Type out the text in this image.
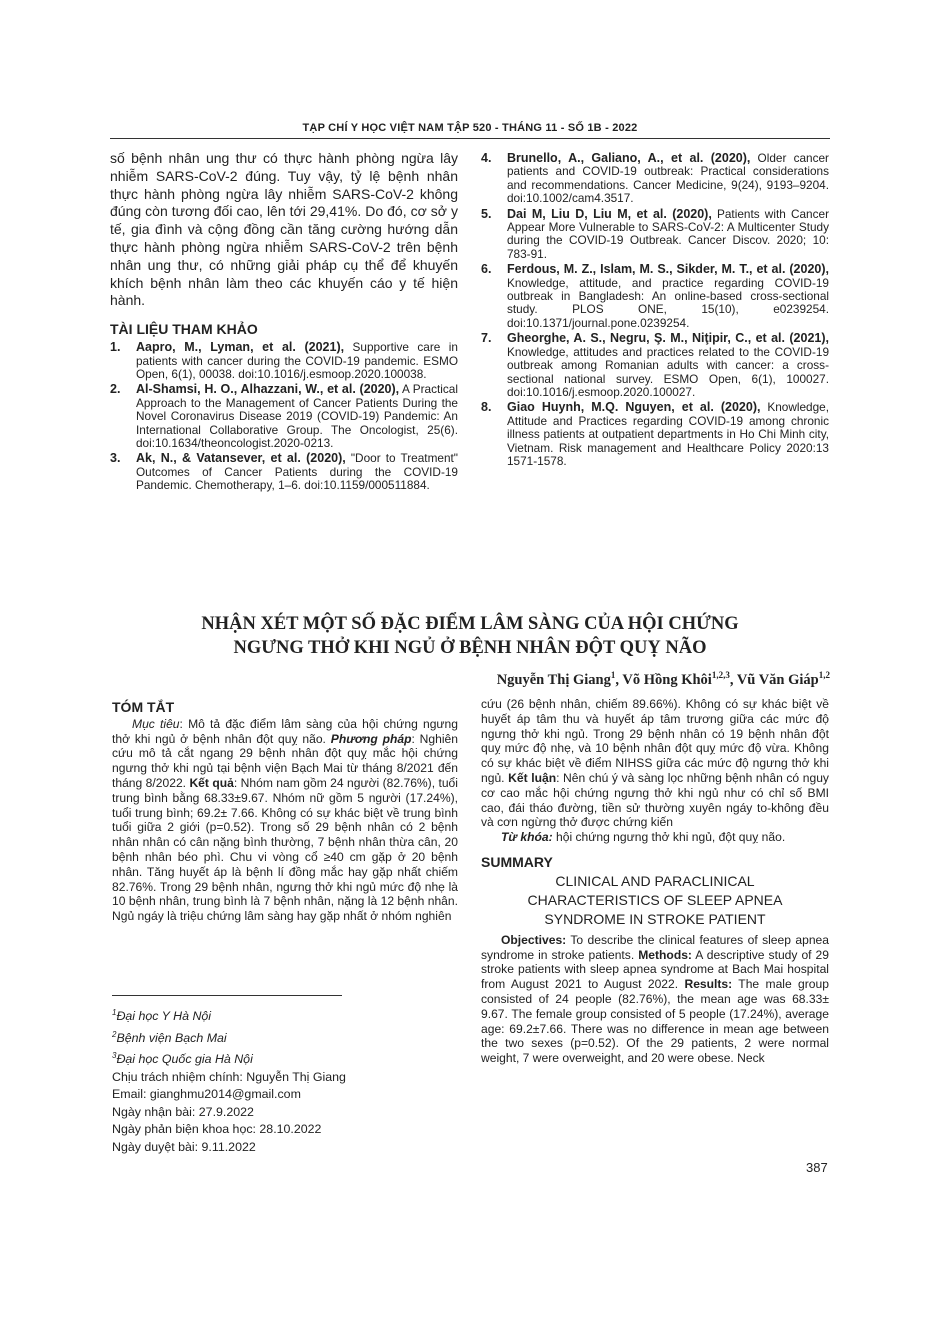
TẠP CHÍ Y HỌC VIỆT NAM TẬP 520 - THÁNG 11 - SỐ 1B - 2022

số bệnh nhân ung thư có thực hành phòng ngừa lây nhiễm SARS-CoV-2 đúng. Tuy vậy, tỷ lệ bệnh nhân thực hành phòng ngừa lây nhiễm SARS-CoV-2 không đúng còn tương đối cao, lên tới 29,41%. Do đó, cơ sở y tế, gia đình và cộng đồng cần tăng cường hướng dẫn thực hành phòng ngừa nhiễm SARS-CoV-2 trên bệnh nhân ung thư, có những giải pháp cụ thể để khuyến khích bệnh nhân làm theo các khuyến cáo y tế hiện hành.

TÀI LIỆU THAM KHẢO
1.	Aapro, M., Lyman, et al. (2021), Supportive care in patients with cancer during the COVID-19 pandemic. ESMO Open, 6(1), 00038. doi:10.1016/j.esmoop.2020.100038.
2.	Al-Shamsi, H. O., Alhazzani, W., et al. (2020), A Practical Approach to the Management of Cancer Patients During the Novel Coronavirus Disease 2019 (COVID-19) Pandemic: An International Collaborative Group. The Oncologist, 25(6). doi:10.1634/theoncologist.2020-0213.
3.	Ak, N., & Vatansever, et al. (2020), "Door to Treatment" Outcomes of Cancer Patients during the COVID-19 Pandemic. Chemotherapy, 1–6. doi:10.1159/000511884.
4.	Brunello, A., Galiano, A., et al. (2020), Older cancer patients and COVID-19 outbreak: Practical considerations and recommendations. Cancer Medicine, 9(24), 9193–9204. doi:10.1002/cam4.3517.
5.	Dai M, Liu D, Liu M, et al. (2020), Patients with Cancer Appear More Vulnerable to SARS-CoV-2: A Multicenter Study during the COVID-19 Outbreak. Cancer Discov. 2020; 10: 783-91.
6.	Ferdous, M. Z., Islam, M. S., Sikder, M. T., et al. (2020), Knowledge, attitude, and practice regarding COVID-19 outbreak in Bangladesh: An online-based cross-sectional study. PLOS ONE, 15(10), e0239254. doi:10.1371/journal.pone.0239254.
7.	Gheorghe, A. S., Negru, Ş. M., Niţipir, C., et al. (2021), Knowledge, attitudes and practices related to the COVID-19 outbreak among Romanian adults with cancer: a cross-sectional national survey. ESMO Open, 6(1), 100027. doi:10.1016/j.esmoop.2020.100027.
8.	Giao Huynh, M.Q. Nguyen, et al. (2020), Knowledge, Attitude and Practices regarding COVID-19 among chronic illness patients at outpatient departments in Ho Chi Minh city, Vietnam. Risk management and Healthcare Policy 2020:13 1571-1578.
NHẬN XÉT MỘT SỐ ĐẶC ĐIỂM LÂM SÀNG CỦA HỘI CHỨNG
NGƯNG THỞ KHI NGỦ Ở BỆNH NHÂN ĐỘT QUỴ NÃO
Nguyễn Thị Giang$^1$, Võ Hồng Khôi$^{1,2,3}$, Vũ Văn Giáp$^{1,2}$
TÓM TẮT

Mục tiêu: Mô tả đặc điểm lâm sàng của hội chứng ngưng thở khi ngủ ở bệnh nhân đột quỵ não. Phương pháp: Nghiên cứu mô tả cắt ngang 29 bệnh nhân đột quỵ mắc hội chứng ngưng thở khi ngủ tại bệnh viện Bạch Mai từ tháng 8/2021 đến tháng 8/2022. Kết quả: Nhóm nam gồm 24 người (82.76%), tuổi trung bình bằng 68.33±9.67. Nhóm nữ gồm 5 người (17.24%), tuổi trung bình; 69.2± 7.66. Không có sự khác biệt về trung bình tuổi giữa 2 giới (p=0.52). Trong số 29 bệnh nhân có 2 bệnh nhân nhân có cân nặng bình thường, 7 bệnh nhân thừa cân, 20 bệnh nhân béo phì. Chu vi vòng cổ ≥40 cm gặp ở 20 bệnh nhân. Tăng huyết áp là bệnh lí đồng mắc hay gặp nhất chiếm 82.76%. Trong 29 bệnh nhân, ngưng thở khi ngủ mức độ nhẹ là 10 bệnh nhân, trung bình là 7 bệnh nhân, nặng là 12 bệnh nhân. Ngủ ngáy là triệu chứng lâm sàng hay gặp nhất ở nhóm nghiên

$^1$Đại học Y Hà Nội
$^2$Bệnh viện Bạch Mai
$^3$Đại học Quốc gia Hà Nội
Chịu trách nhiệm chính: Nguyễn Thị Giang
Email: gianghmu2014@gmail.com
Ngày nhận bài: 27.9.2022
Ngày phản biện khoa học: 28.10.2022
Ngày duyệt bài: 9.11.2022

cứu (26 bệnh nhân, chiếm 89.66%). Không có sự khác biệt về huyết áp tâm thu và huyết áp tâm trương giữa các mức độ ngưng thở khi ngủ. Trong 29 bệnh nhân có 19 bệnh nhân đột quỵ mức độ nhẹ, và 10 bệnh nhân đột quỵ mức độ vừa. Không có sự khác biệt về điểm NIHSS giữa các mức độ ngưng thở khi ngủ. Kết luận: Nên chú ý và sàng lọc những bệnh nhân có nguy cơ cao mắc hội chứng ngưng thở khi ngủ như có chỉ số BMI cao, đái tháo đường, tiền sử thường xuyên ngáy to-không đều và cơn ngừng thở được chứng kiến

Từ khóa: hội chứng ngưng thở khi ngủ, đột quỵ não.

SUMMARY
CLINICAL AND PARACLINICAL
CHARACTERISTICS OF SLEEP APNEA
SYNDROME IN STROKE PATIENT

Objectives: To describe the clinical features of sleep apnea syndrome in stroke patients. Methods: A descriptive study of 29 stroke patients with sleep apnea syndrome at Bach Mai hospital from August 2021 to August 2022. Results: The male group consisted of 24 people (82.76%), the mean age was 68.33± 9.67. The female group consisted of 5 people (17.24%), average age: 69.2±7.66. There was no difference in mean age between the two sexes (p=0.52). Of the 29 patients, 2 were normal weight, 7 were overweight, and 20 were obese. Neck

387
